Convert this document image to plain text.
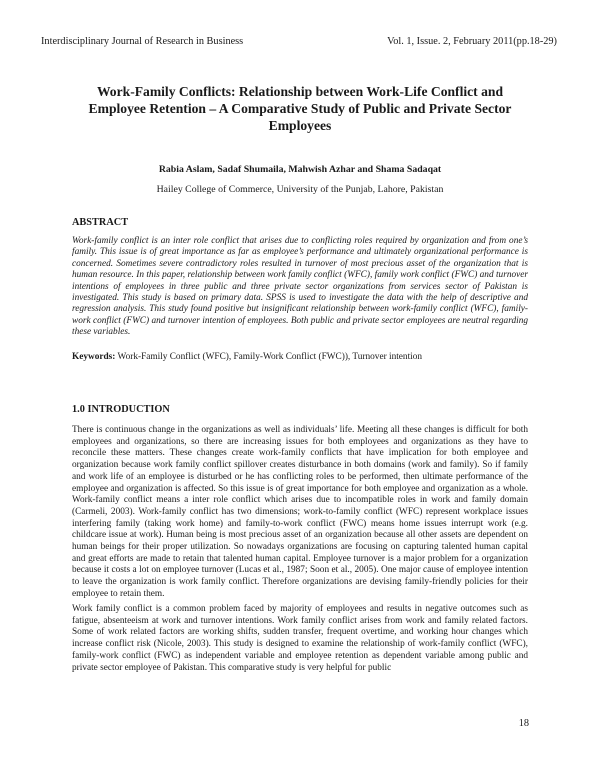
Interdisciplinary Journal of Research in Business	Vol. 1, Issue. 2, February 2011(pp.18-29)
Work-Family Conflicts: Relationship between Work-Life Conflict and Employee Retention – A Comparative Study of Public and Private Sector Employees
Rabia Aslam, Sadaf Shumaila, Mahwish Azhar and Shama Sadaqat
Hailey College of Commerce, University of the Punjab, Lahore, Pakistan
ABSTRACT
Work-family conflict is an inter role conflict that arises due to conflicting roles required by organization and from one’s family. This issue is of great importance as far as employee’s performance and ultimately organizational performance is concerned. Sometimes severe contradictory roles resulted in turnover of most precious asset of the organization that is human resource. In this paper, relationship between work family conflict (WFC), family work conflict (FWC) and turnover intentions of employees in three public and three private sector organizations from services sector of Pakistan is investigated. This study is based on primary data. SPSS is used to investigate the data with the help of descriptive and regression analysis. This study found positive but insignificant relationship between work-family conflict (WFC), family-work conflict (FWC) and turnover intention of employees. Both public and private sector employees are neutral regarding these variables.
Keywords: Work-Family Conflict (WFC), Family-Work Conflict (FWC)), Turnover intention
1.0 INTRODUCTION
There is continuous change in the organizations as well as individuals’ life. Meeting all these changes is difficult for both employees and organizations, so there are increasing issues for both employees and organizations as they have to reconcile these matters. These changes create work-family conflicts that have implication for both employee and organization because work family conflict spillover creates disturbance in both domains (work and family). So if family and work life of an employee is disturbed or he has conflicting roles to be performed, then ultimate performance of the employee and organization is affected. So this issue is of great importance for both employee and organization as a whole. Work-family conflict means a inter role conflict which arises due to incompatible roles in work and family domain (Carmeli, 2003). Work-family conflict has two dimensions; work-to-family conflict (WFC) represent workplace issues interfering family (taking work home) and family-to-work conflict (FWC) means home issues interrupt work (e.g. childcare issue at work). Human being is most precious asset of an organization because all other assets are dependent on human beings for their proper utilization. So nowadays organizations are focusing on capturing talented human capital and great efforts are made to retain that talented human capital. Employee turnover is a major problem for a organization because it costs a lot on employee turnover (Lucas et al., 1987; Soon et al., 2005). One major cause of employee intention to leave the organization is work family conflict. Therefore organizations are devising family-friendly policies for their employee to retain them.
Work family conflict is a common problem faced by majority of employees and results in negative outcomes such as fatigue, absenteeism at work and turnover intentions. Work family conflict arises from work and family related factors. Some of work related factors are working shifts, sudden transfer, frequent overtime, and working hour changes which increase conflict risk (Nicole, 2003). This study is designed to examine the relationship of work-family conflict (WFC), family-work conflict (FWC) as independent variable and employee retention as dependent variable among public and private sector employee of Pakistan. This comparative study is very helpful for public
18
